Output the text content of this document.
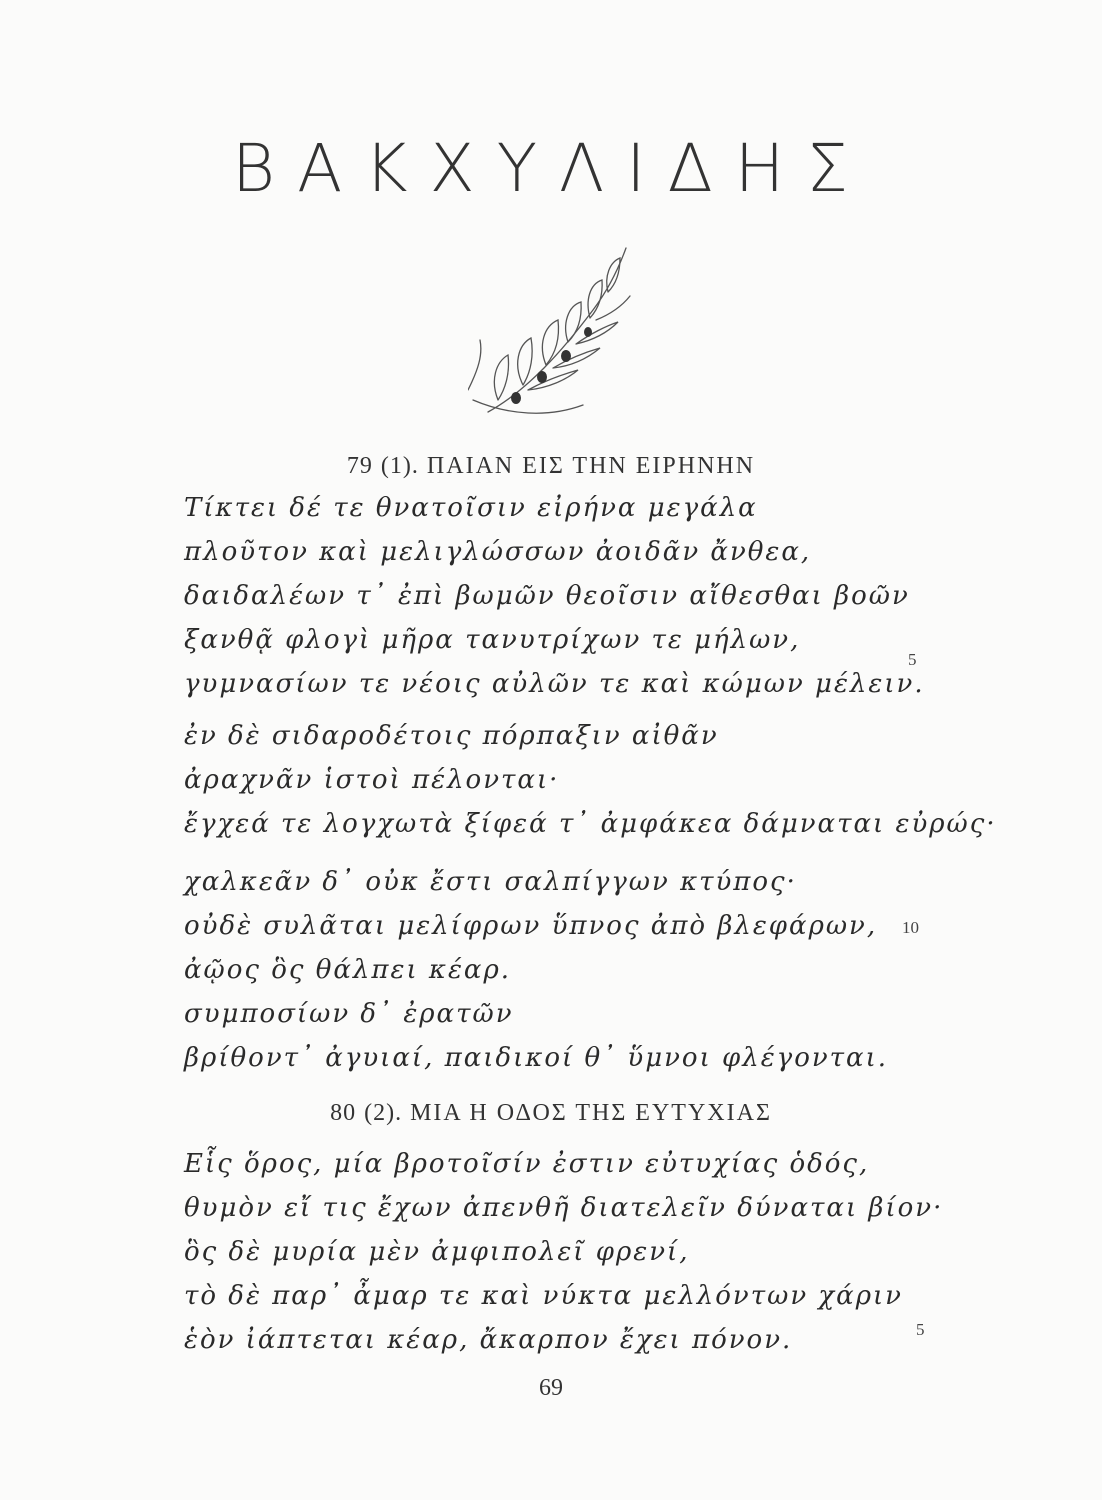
ΒΑΚΧΥΛΙΔΗΣ
79 (1). ΠΑΙΑΝ ΕΙΣ ΤΗΝ ΕΙΡΗΝΗΝ
Τίκτει δέ τε θνατοῖσιν εἰρήνα μεγάλα
πλοῦτον καὶ μελιγλώσσων ἀοιδᾶν ἄνθεα,
δαιδαλέων τ᾽ ἐπὶ βωμῶν θεοῖσιν αἴθεσθαι βοῶν
ξανθᾷ φλογὶ μῆρα τανυτρίχων τε μήλων,
γυμνασίων τε νέοις αὐλῶν τε καὶ κώμων μέλειν.
5
ἐν δὲ σιδαροδέτοις πόρπαξιν αἰθᾶν
ἀραχνᾶν ἱστοὶ πέλονται·
ἔγχεά τε λογχωτὰ ξίφεά τ᾽ ἀμφάκεα δάμναται εὐρώς·
χαλκεᾶν δ᾽ οὐκ ἔστι σαλπίγγων κτύπος·
οὐδὲ συλᾶται μελίφρων ὕπνος ἀπὸ βλεφάρων,
ἀῷος ὃς θάλπει κέαρ.
συμποσίων δ᾽ ἐρατῶν
βρίθοντ᾽ ἀγυιαί, παιδικοί θ᾽ ὕμνοι φλέγονται.
10
80 (2). ΜΙΑ Η ΟΔΟΣ ΤΗΣ ΕΥΤΥΧΙΑΣ
Εἷς ὅρος, μία βροτοῖσίν ἐστιν εὐτυχίας ὁδός,
θυμὸν εἴ τις ἔχων ἀπενθῆ διατελεῖν δύναται βίον·
ὃς δὲ μυρία μὲν ἀμφιπολεῖ φρενί,
τὸ δὲ παρ᾽ ἆμαρ τε καὶ νύκτα μελλόντων χάριν
ἑὸν ἰάπτεται κέαρ, ἄκαρπον ἔχει πόνον.	5
69
